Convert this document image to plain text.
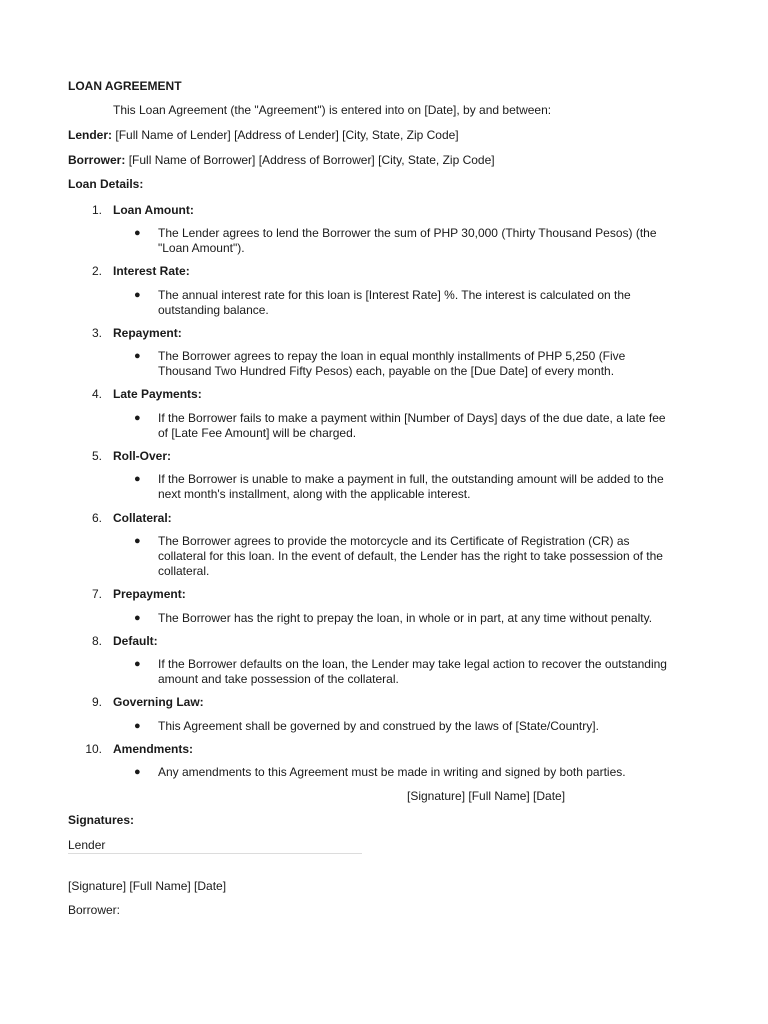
LOAN AGREEMENT
This Loan Agreement (the "Agreement") is entered into on [Date], by and between:
Lender: [Full Name of Lender] [Address of Lender] [City, State, Zip Code]
Borrower: [Full Name of Borrower] [Address of Borrower] [City, State, Zip Code]
Loan Details:
1. Loan Amount:
● The Lender agrees to lend the Borrower the sum of PHP 30,000 (Thirty Thousand Pesos) (the
"Loan Amount").
2. Interest Rate:
● The annual interest rate for this loan is [Interest Rate] %. The interest is calculated on the
outstanding balance.
3. Repayment:
● The Borrower agrees to repay the loan in equal monthly installments of PHP 5,250 (Five
Thousand Two Hundred Fifty Pesos) each, payable on the [Due Date] of every month.
4. Late Payments:
● If the Borrower fails to make a payment within [Number of Days] days of the due date, a late fee
of [Late Fee Amount] will be charged.
5. Roll-Over:
● If the Borrower is unable to make a payment in full, the outstanding amount will be added to the
next month's installment, along with the applicable interest.
6. Collateral:
● The Borrower agrees to provide the motorcycle and its Certificate of Registration (CR) as
collateral for this loan. In the event of default, the Lender has the right to take possession of the
collateral.
7. Prepayment:
● The Borrower has the right to prepay the loan, in whole or in part, at any time without penalty.
8. Default:
● If the Borrower defaults on the loan, the Lender may take legal action to recover the outstanding
amount and take possession of the collateral.
9. Governing Law:
● This Agreement shall be governed by and construed by the laws of [State/Country].
10. Amendments:
● Any amendments to this Agreement must be made in writing and signed by both parties.
[Signature] [Full Name] [Date]
Signatures:
Lender
[Signature] [Full Name] [Date]
Borrower:
